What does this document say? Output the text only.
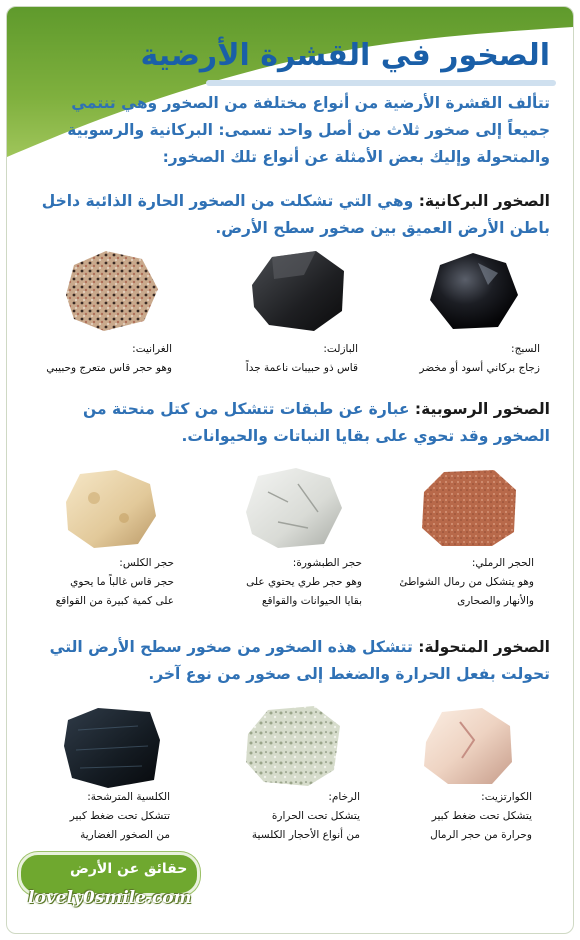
الصخور في القشرة الأرضية
تتألف القشرة الأرضية من أنواع مختلفة من الصخور وهي تنتمي
جميعاً إلى صخور ثلاث من أصل واحد تسمى: البركانية والرسوبية
والمتحولة وإليك بعض الأمثلة عن أنواع تلك الصخور:
الصخور البركانية: وهي التي تشكلت من الصخور الحارة الذائبة داخل
باطن الأرض العميق بين صخور سطح الأرض.
السبج:
زجاج بركاني أسود أو مخضر
البازلت:
قاس ذو حبيبات ناعمة جداً
الغرانيت:
وهو حجر قاس متعرج وحبيبي
الصخور الرسوبية: عبارة عن طبقات تتشكل من كتل منحتة من
الصخور وقد تحوي على بقايا النباتات والحيوانات.
الحجر الرملي:
وهو يتشكل من رمال الشواطئ
والأنهار والصحارى
حجر الطبشورة:
وهو حجر طري يحتوي على
بقايا الحيوانات والقواقع
حجر الكلس:
حجر قاس غالباً ما يحوي
على كمية كبيرة من القواقع
الصخور المتحولة: تتشكل هذه الصخور من صخور سطح الأرض التي
تحولت بفعل الحرارة والضغط إلى صخور من نوع آخر.
الكوارتزيت:
يتشكل تحت ضغط كبير
وحرارة من حجر الرمال
الرخام:
يتشكل تحت الحرارة
من أنواع الأحجار الكلسية
الكلسية المترشحة:
تتشكل تحت ضغط كبير
من الصخور الغضارية
حقائق عن الأرض
lovely0smile.com
